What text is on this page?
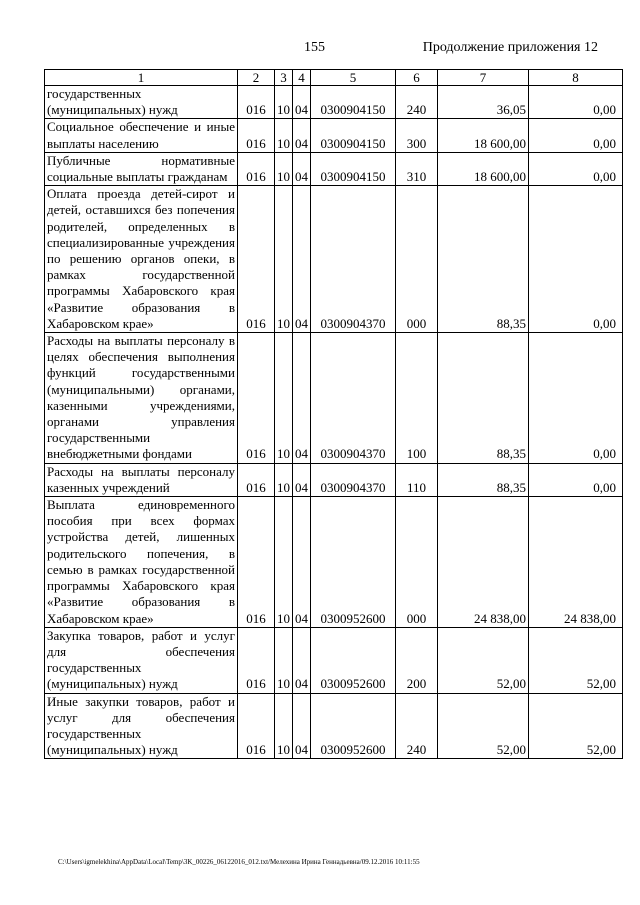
155	Продолжение приложения 12
1	2	3	4	5	6	7	8
государственных (муниципальных) нужд	016	10	04	0300904150	240	36,05	0,00
Социальное обеспечение и иные выплаты населению	016	10	04	0300904150	300	18 600,00	0,00
Публичные нормативные социальные выплаты гражданам	016	10	04	0300904150	310	18 600,00	0,00
Оплата проезда детей-сирот и детей, оставшихся без попечения родителей, определенных в специализированные учреждения по решению органов опеки, в рамках государственной программы Хабаровского края «Развитие образования в Хабаровском крае»	016	10	04	0300904370	000	88,35	0,00
Расходы на выплаты персоналу в целях обеспечения выполнения функций государственными (муниципальными) органами, казенными учреждениями, органами управления государственными внебюджетными фондами	016	10	04	0300904370	100	88,35	0,00
Расходы на выплаты персоналу казенных учреждений	016	10	04	0300904370	110	88,35	0,00
Выплата единовременного пособия при всех формах устройства детей, лишенных родительского попечения, в семью в рамках государственной программы Хабаровского края «Развитие образования в Хабаровском крае»	016	10	04	0300952600	000	24 838,00	24 838,00
Закупка товаров, работ и услуг для обеспечения государственных (муниципальных) нужд	016	10	04	0300952600	200	52,00	52,00
Иные закупки товаров, работ и услуг для обеспечения государственных (муниципальных) нужд	016	10	04	0300952600	240	52,00	52,00
C:\Users\igmelekhina\AppData\Local\Temp\3K_00226_06122016_012.txt/Мелехина Ирина Геннадьевна/09.12.2016 10:11:55
